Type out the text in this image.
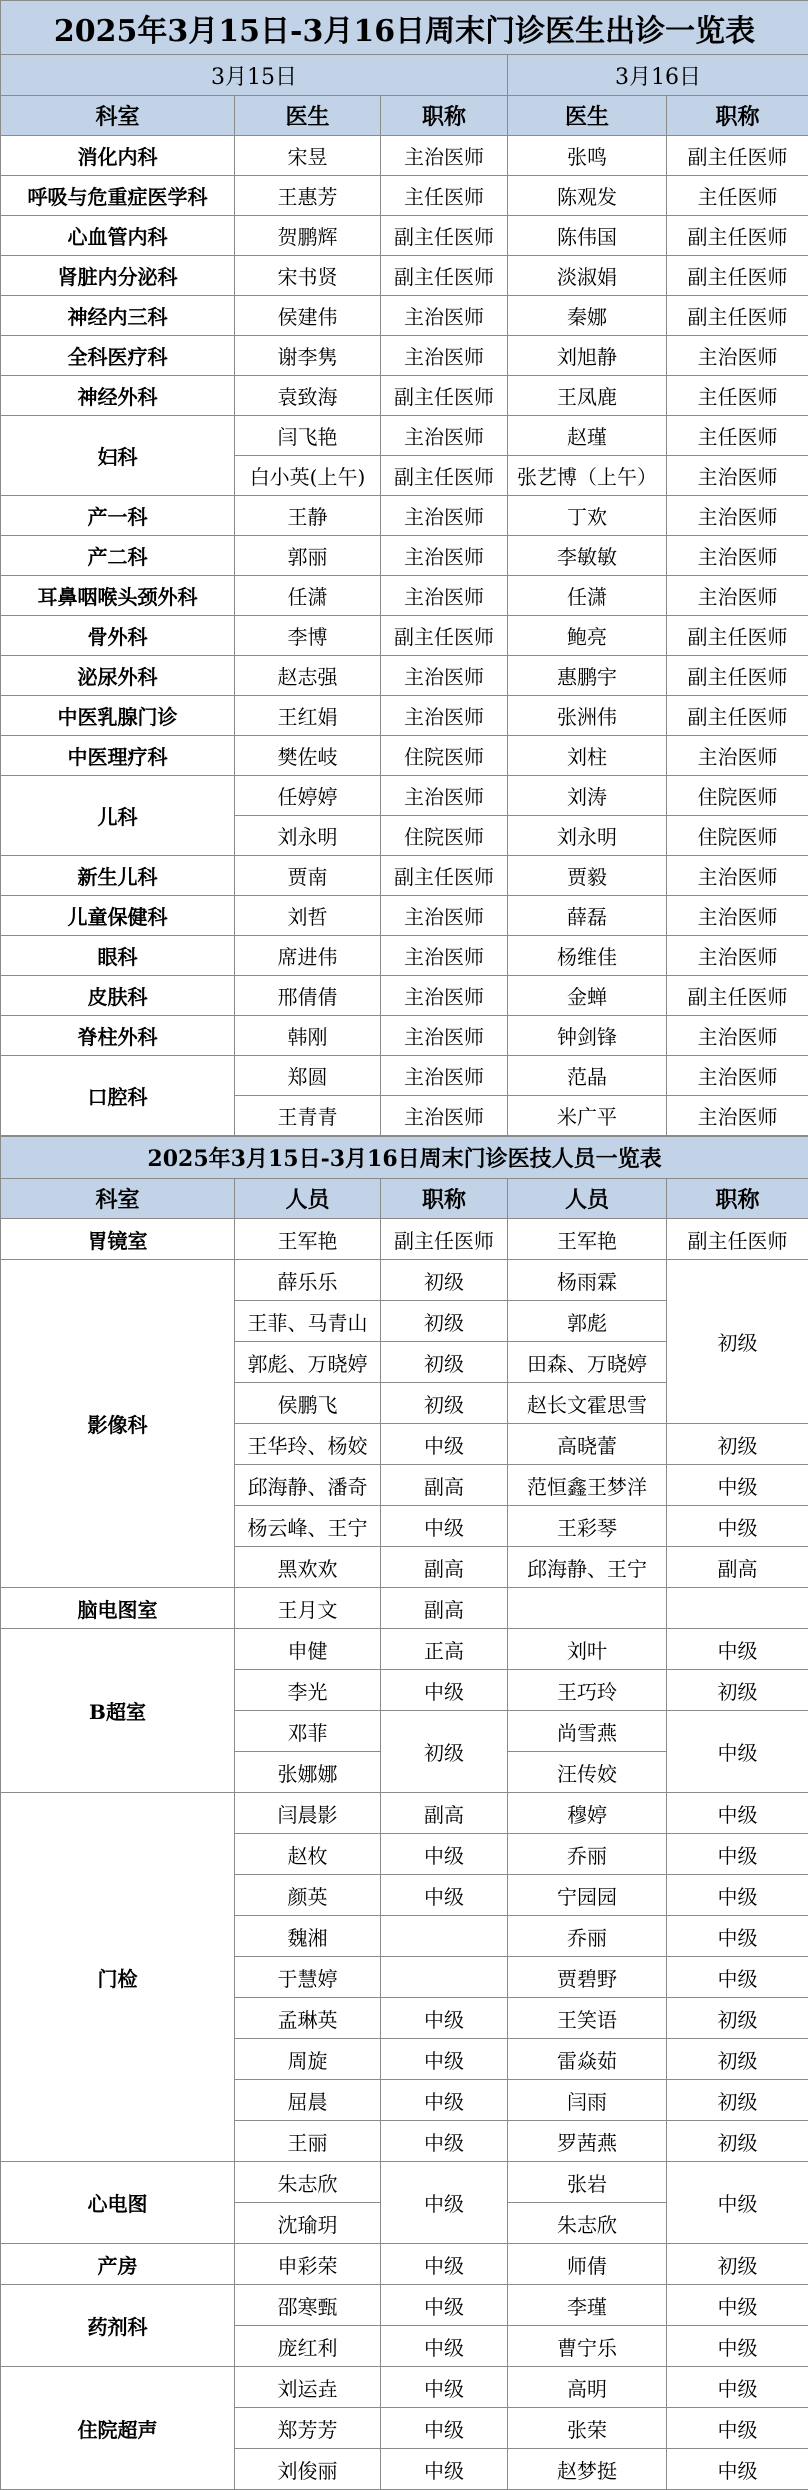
2025年3月15日-3月16日周末门诊医生出诊一览表				
3月15日			3月16日	
科室	医生	职称	医生	职称
消化内科	宋昱	主治医师	张鸣	副主任医师
呼吸与危重症医学科	王惠芳	主任医师	陈观发	主任医师
心血管内科	贺鹏辉	副主任医师	陈伟国	副主任医师
肾脏内分泌科	宋书贤	副主任医师	淡淑娟	副主任医师
神经内三科	侯建伟	主治医师	秦娜	副主任医师
全科医疗科	谢李隽	主治医师	刘旭静	主治医师
神经外科	袁致海	副主任医师	王凤鹿	主任医师
妇科	闫飞艳	主治医师	赵瑾	主任医师
	白小英(上午)	副主任医师	张艺博（上午）	主治医师
产一科	王静	主治医师	丁欢	主治医师
产二科	郭丽	主治医师	李敏敏	主治医师
耳鼻咽喉头颈外科	任潇	主治医师	任潇	主治医师
骨外科	李博	副主任医师	鲍亮	副主任医师
泌尿外科	赵志强	主治医师	惠鹏宇	副主任医师
中医乳腺门诊	王红娟	主治医师	张洲伟	副主任医师
中医理疗科	樊佐岐	住院医师	刘柱	主治医师
儿科	任婷婷	主治医师	刘涛	住院医师
	刘永明	住院医师	刘永明	住院医师
新生儿科	贾南	副主任医师	贾毅	主治医师
儿童保健科	刘哲	主治医师	薛磊	主治医师
眼科	席进伟	主治医师	杨维佳	主治医师
皮肤科	邢倩倩	主治医师	金蝉	副主任医师
脊柱外科	韩刚	主治医师	钟剑锋	主治医师
口腔科	郑圆	主治医师	范晶	主治医师
	王青青	主治医师	米广平	主治医师
2025年3月15日-3月16日周末门诊医技人员一览表				
科室	人员	职称	人员	职称
胃镜室	王军艳	副主任医师	王军艳	副主任医师
影像科	薛乐乐	初级	杨雨霖	初级
	王菲、马青山	初级	郭彪	
	郭彪、万晓婷	初级	田森、万晓婷	
	侯鹏飞	初级	赵长文霍思雪	
	王华玲、杨姣	中级	高晓蕾	初级
	邱海静、潘奇	副高	范恒鑫王梦洋	中级
	杨云峰、王宁	中级	王彩琴	中级
	黑欢欢	副高	邱海静、王宁	副高
脑电图室	王月文	副高		
B超室	申健	正高	刘叶	中级
	李光	中级	王巧玲	初级
	邓菲	初级	尚雪燕	中级
	张娜娜		汪传姣	
门检	闫晨影	副高	穆婷	中级
	赵枚	中级	乔丽	中级
	颜英	中级	宁园园	中级
	魏湘		乔丽	中级
	于慧婷		贾碧野	中级
	孟琳英	中级	王笑语	初级
	周旋	中级	雷焱茹	初级
	屈晨	中级	闫雨	初级
	王丽	中级	罗茜燕	初级
心电图	朱志欣	中级	张岩	中级
	沈瑜玥		朱志欣	
产房	申彩荣	中级	师倩	初级
药剂科	邵寒甄	中级	李瑾	中级
	庞红利	中级	曹宁乐	中级
住院超声	刘运垚	中级	高明	中级
	郑芳芳	中级	张荣	中级
	刘俊丽	中级	赵梦挺	中级
